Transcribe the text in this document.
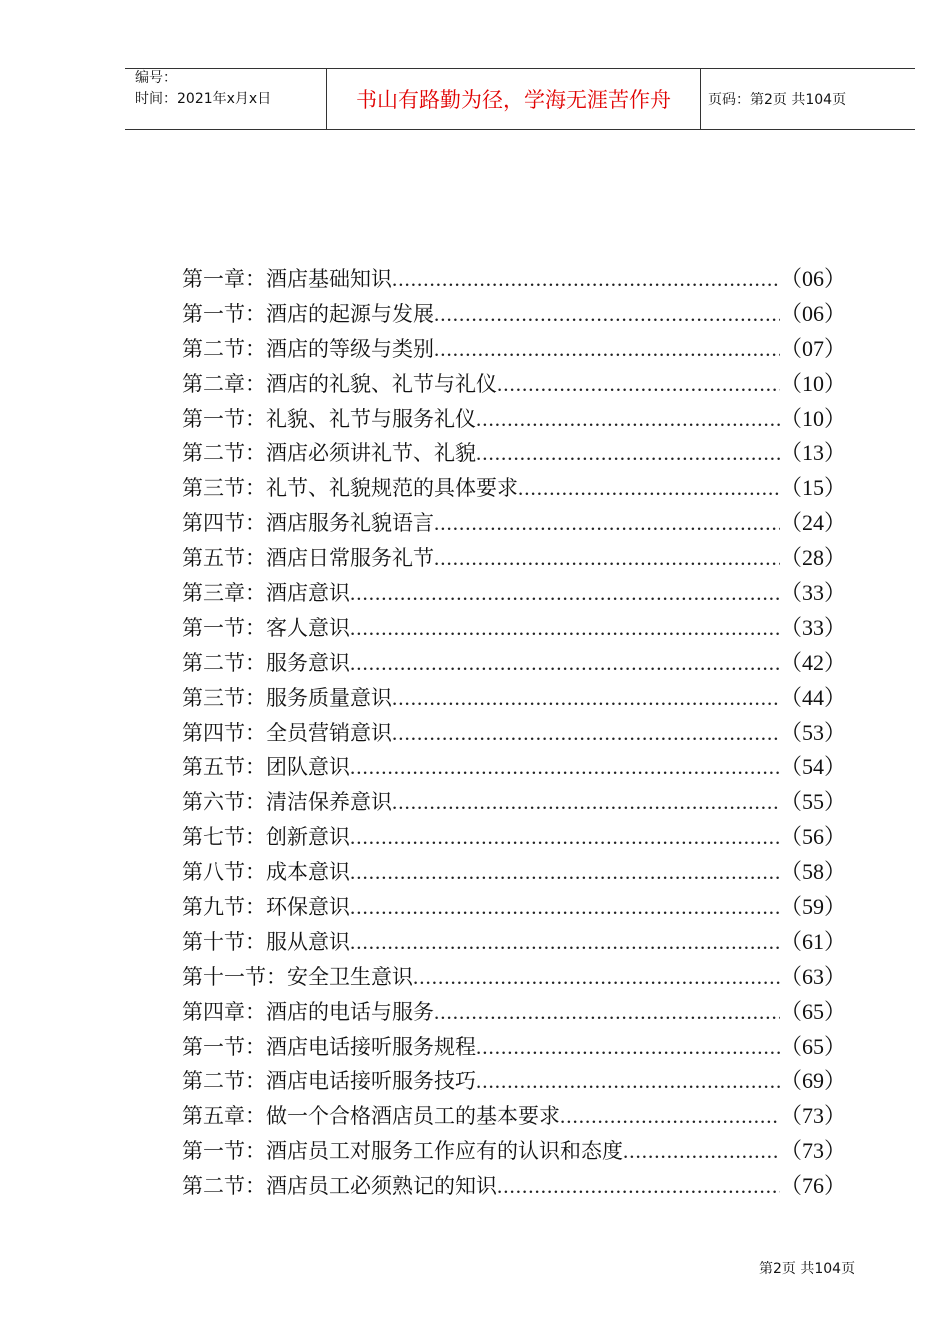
编号：
时间：2021年x月x日	书山有路勤为径，学海无涯苦作舟	页码：第2页 共104页
第一章：酒店基础知识 .....	（06）
第一节：酒店的起源与发展 .....	（06）
第二节：酒店的等级与类别 .....	（07）
第二章：酒店的礼貌、礼节与礼仪 .....	（10）
第一节：礼貌、礼节与服务礼仪 .....	（10）
第二节：酒店必须讲礼节、礼貌 .....	（13）
第三节：礼节、礼貌规范的具体要求 .....	（15）
第四节：酒店服务礼貌语言 .....	（24）
第五节：酒店日常服务礼节 .....	（28）
第三章：酒店意识 .....	（33）
第一节：客人意识 .....	（33）
第二节：服务意识 .....	（42）
第三节：服务质量意识 .....	（44）
第四节：全员营销意识 .....	（53）
第五节：团队意识 .....	（54）
第六节：清洁保养意识 .....	（55）
第七节：创新意识 .....	（56）
第八节：成本意识 .....	（58）
第九节：环保意识 .....	（59）
第十节：服从意识 .....	（61）
第十一节：安全卫生意识 .....	（63）
第四章：酒店的电话与服务 .....	（65）
第一节：酒店电话接听服务规程 .....	（65）
第二节：酒店电话接听服务技巧 .....	（69）
第五章：做一个合格酒店员工的基本要求 .....	（73）
第一节：酒店员工对服务工作应有的认识和态度 .....	（73）
第二节：酒店员工必须熟记的知识 .....	（76）
第2页 共104页
